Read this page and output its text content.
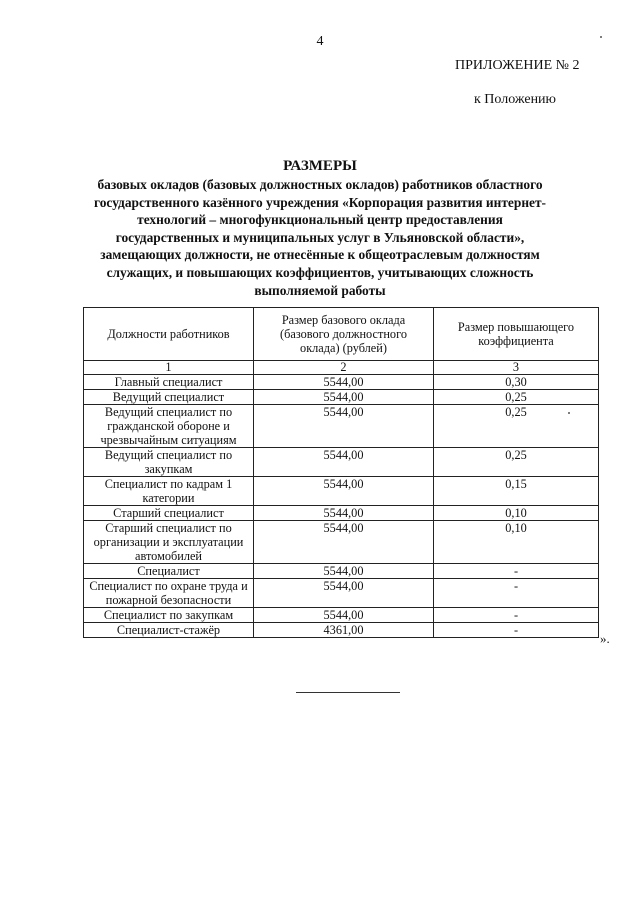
4
ПРИЛОЖЕНИЕ № 2
к Положению
РАЗМЕРЫ
базовых окладов (базовых должностных окладов) работников областного
государственного казённого учреждения «Корпорация развития интернет-
технологий – многофункциональный центр предоставления
государственных и муниципальных услуг в Ульяновской области»,
замещающих должности, не отнесённые к общеотраслевым должностям
служащих, и повышающих коэффициентов, учитывающих сложность
выполняемой работы
Должности работников	Размер базового оклада (базового должностного оклада) (рублей)	Размер повышающего коэффициента
1	2	3
Главный специалист	5544,00	0,30
Ведущий специалист	5544,00	0,25
Ведущий специалист по гражданской обороне и чрезвычайным ситуациям	5544,00	0,25
Ведущий специалист по закупкам	5544,00	0,25
Специалист по кадрам 1 категории	5544,00	0,15
Старший специалист	5544,00	0,10
Старший специалист по организации и эксплуатации автомобилей	5544,00	0,10
Специалист	5544,00	-
Специалист по охране труда и пожарной безопасности	5544,00	-
Специалист по закупкам	5544,00	-
Специалист-стажёр	4361,00	-
».
